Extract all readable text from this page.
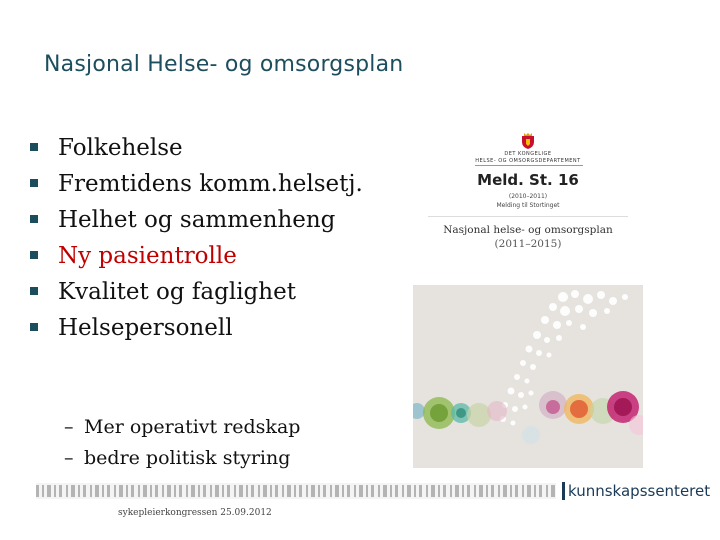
Nasjonal Helse- og omsorgsplan
Folkehelse
Fremtidens komm.helsetj.
Helhet og sammenheng
Ny pasientrolle
Kvalitet og faglighet
Helsepersonell
– Mer operativt redskap
– bedre politisk styring
DET KONGELIGE
HELSE- OG OMSORGSDEPARTEMENT
Meld. St. 16
(2010–2011)
Melding til Stortinget
Nasjonal helse- og omsorgsplan
(2011–2015)
kunnskapssenteret
sykepleierkongressen 25.09.2012
